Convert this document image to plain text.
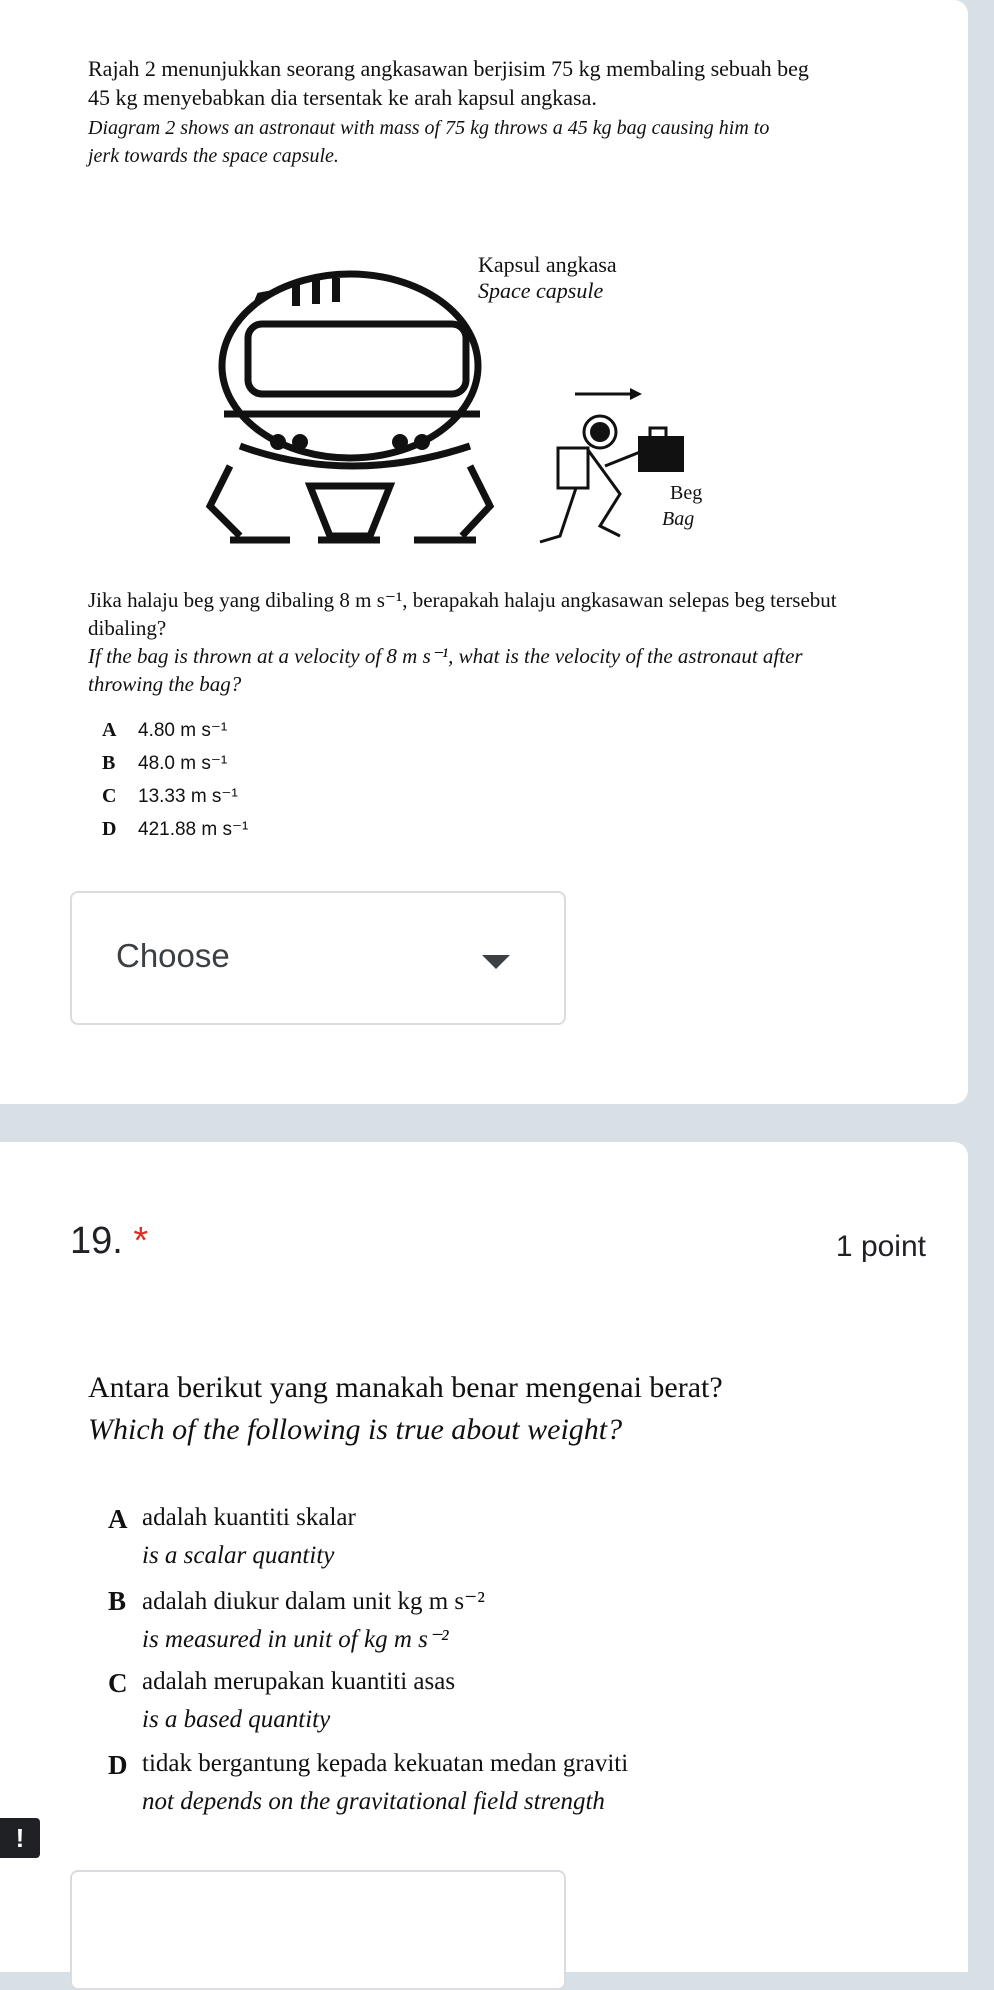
Rajah 2 menunjukkan seorang angkasawan berjisim 75 kg membaling sebuah beg
45 kg menyebabkan dia tersentak ke arah kapsul angkasa.
Diagram 2 shows an astronaut with mass of 75 kg throws a 45 kg bag causing him to
jerk towards the space capsule.
Kapsul angkasa
Space capsule
Beg
Bag
Jika halaju beg yang dibaling 8 m s⁻¹, berapakah halaju angkasawan selepas beg tersebut
dibaling?
If the bag is thrown at a velocity of 8 m s⁻¹, what is the velocity of the astronaut after
throwing the bag?
A	4.80 m s⁻¹
B	48.0 m s⁻¹
C	13.33 m s⁻¹
D	421.88 m s⁻¹
Choose
19. *	1 point
Antara berikut yang manakah benar mengenai berat?
Which of the following is true about weight?
A adalah kuantiti skalar
is a scalar quantity
B adalah diukur dalam unit kg m s⁻²
is measured in unit of kg m s⁻²
C adalah merupakan kuantiti asas
is a based quantity
D tidak bergantung kepada kekuatan medan graviti
not depends on the gravitational field strength
!
